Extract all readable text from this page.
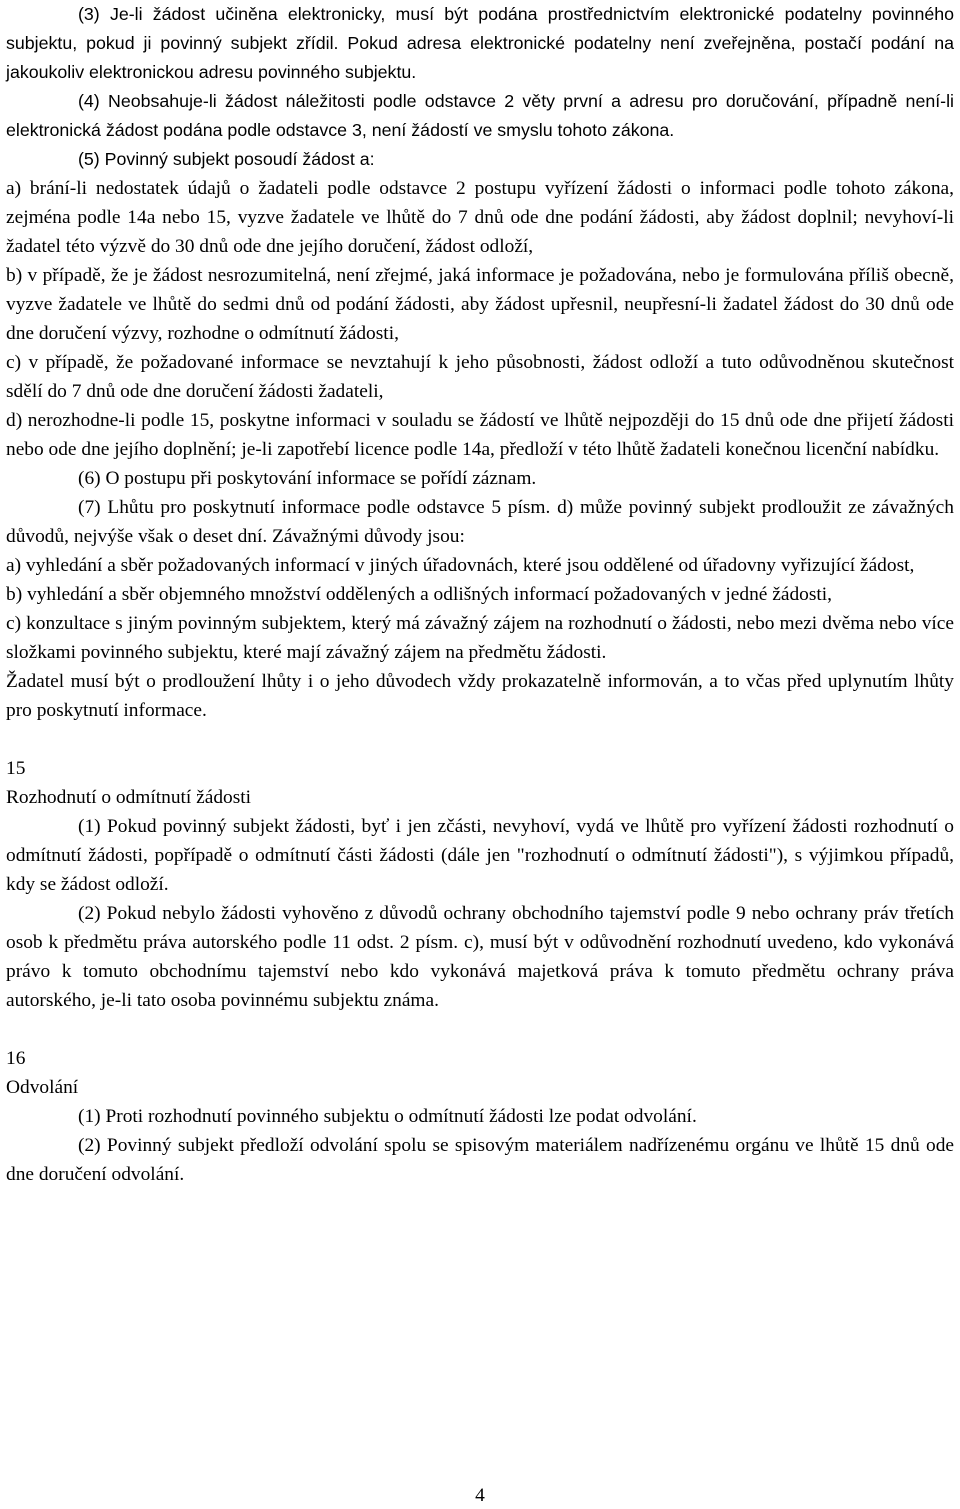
(3) Je-li žádost učiněna elektronicky, musí být podána prostřednictvím elektronické podatelny povinného subjektu, pokud ji povinný subjekt zřídil. Pokud adresa elektronické podatelny není zveřejněna, postačí podání na jakoukoliv elektronickou adresu povinného subjektu.

(4) Neobsahuje-li žádost náležitosti podle odstavce 2 věty první a adresu pro doručování, případně není-li elektronická žádost podána podle odstavce 3, není žádostí ve smyslu tohoto zákona.

(5) Povinný subjekt posoudí žádost a:

a) brání-li nedostatek údajů o žadateli podle odstavce 2 postupu vyřízení žádosti o informaci podle tohoto zákona, zejména podle 14a nebo 15, vyzve žadatele ve lhůtě do 7 dnů ode dne podání žádosti, aby žádost doplnil; nevyhoví-li žadatel této výzvě do 30 dnů ode dne jejího doručení, žádost odloží,

b) v případě, že je žádost nesrozumitelná, není zřejmé, jaká informace je požadována, nebo je formulována příliš obecně, vyzve žadatele ve lhůtě do sedmi dnů od podání žádosti, aby žádost upřesnil, neupřesní-li žadatel žádost do 30 dnů ode dne doručení výzvy, rozhodne o odmítnutí žádosti,

c) v případě, že požadované informace se nevztahují k jeho působnosti, žádost odloží a tuto odůvodněnou skutečnost sdělí do 7 dnů ode dne doručení žádosti žadateli,

d) nerozhodne-li podle 15, poskytne informaci v souladu se žádostí ve lhůtě nejpozději do 15 dnů ode dne přijetí žádosti nebo ode dne jejího doplnění; je-li zapotřebí licence podle 14a, předloží v této lhůtě žadateli konečnou licenční nabídku.

(6) O postupu při poskytování informace se pořídí záznam.

(7) Lhůtu pro poskytnutí informace podle odstavce 5 písm. d) může povinný subjekt prodloužit ze závažných důvodů, nejvýše však o deset dní. Závažnými důvody jsou:

a) vyhledání a sběr požadovaných informací v jiných úřadovnách, které jsou oddělené od úřadovny vyřizující žádost,

b) vyhledání a sběr objemného množství oddělených a odlišných informací požadovaných v jedné žádosti,

c) konzultace s jiným povinným subjektem, který má závažný zájem na rozhodnutí o žádosti, nebo mezi dvěma nebo více složkami povinného subjektu, které mají závažný zájem na předmětu žádosti.

Žadatel musí být o prodloužení lhůty i o jeho důvodech vždy prokazatelně informován, a to včas před uplynutím lhůty pro poskytnutí informace.

15

Rozhodnutí o odmítnutí žádosti

(1) Pokud povinný subjekt žádosti, byť i jen zčásti, nevyhoví, vydá ve lhůtě pro vyřízení žádosti rozhodnutí o odmítnutí žádosti, popřípadě o odmítnutí části žádosti (dále jen "rozhodnutí o odmítnutí žádosti"), s výjimkou případů, kdy se žádost odloží.

(2) Pokud nebylo žádosti vyhověno z důvodů ochrany obchodního tajemství podle 9 nebo ochrany práv třetích osob k předmětu práva autorského podle 11 odst. 2 písm. c), musí být v odůvodnění rozhodnutí uvedeno, kdo vykonává právo k tomuto obchodnímu tajemství nebo kdo vykonává majetková práva k tomuto předmětu ochrany práva autorského, je-li tato osoba povinnému subjektu známa.

16

Odvolání

(1) Proti rozhodnutí povinného subjektu o odmítnutí žádosti lze podat odvolání.

(2) Povinný subjekt předloží odvolání spolu se spisovým materiálem nadřízenému orgánu ve lhůtě 15 dnů ode dne doručení odvolání.

4
